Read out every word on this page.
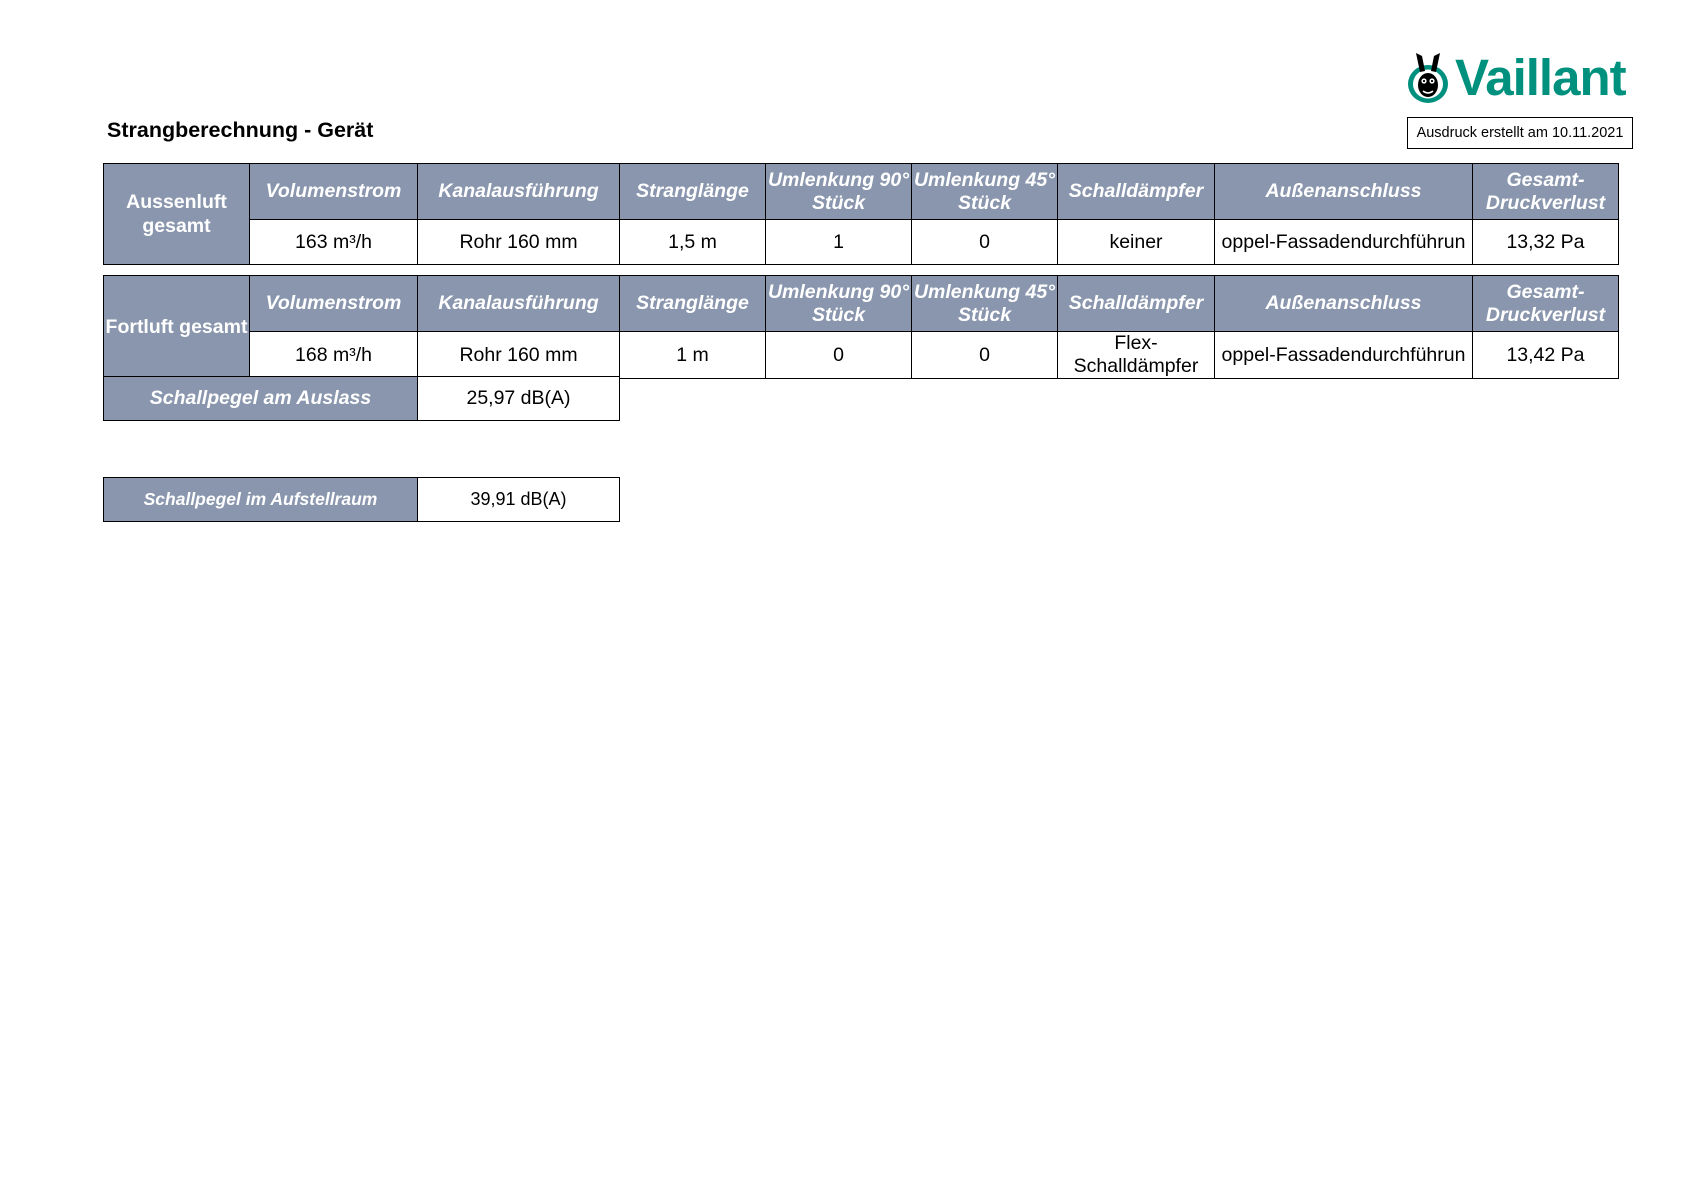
Vaillant
Ausdruck erstellt am 10.11.2021
Strangberechnung - Gerät
Aussenluft gesamt	Volumenstrom	Kanalausführung	Stranglänge	Umlenkung 90° Stück	Umlenkung 45° Stück	Schalldämpfer	Außenanschluss	Gesamt-Druckverlust
	163 m³/h	Rohr 160 mm	1,5 m	1	0	keiner	oppel-Fassadendurchführun	13,32 Pa
Fortluft gesamt	Volumenstrom	Kanalausführung	Stranglänge	Umlenkung 90° Stück	Umlenkung 45° Stück	Schalldämpfer	Außenanschluss	Gesamt-Druckverlust
	168 m³/h	Rohr 160 mm	1 m	0	0	Flex-Schalldämpfer	oppel-Fassadendurchführun	13,42 Pa
Schallpegel am Auslass	25,97 dB(A)
Schallpegel im Aufstellraum	39,91 dB(A)
